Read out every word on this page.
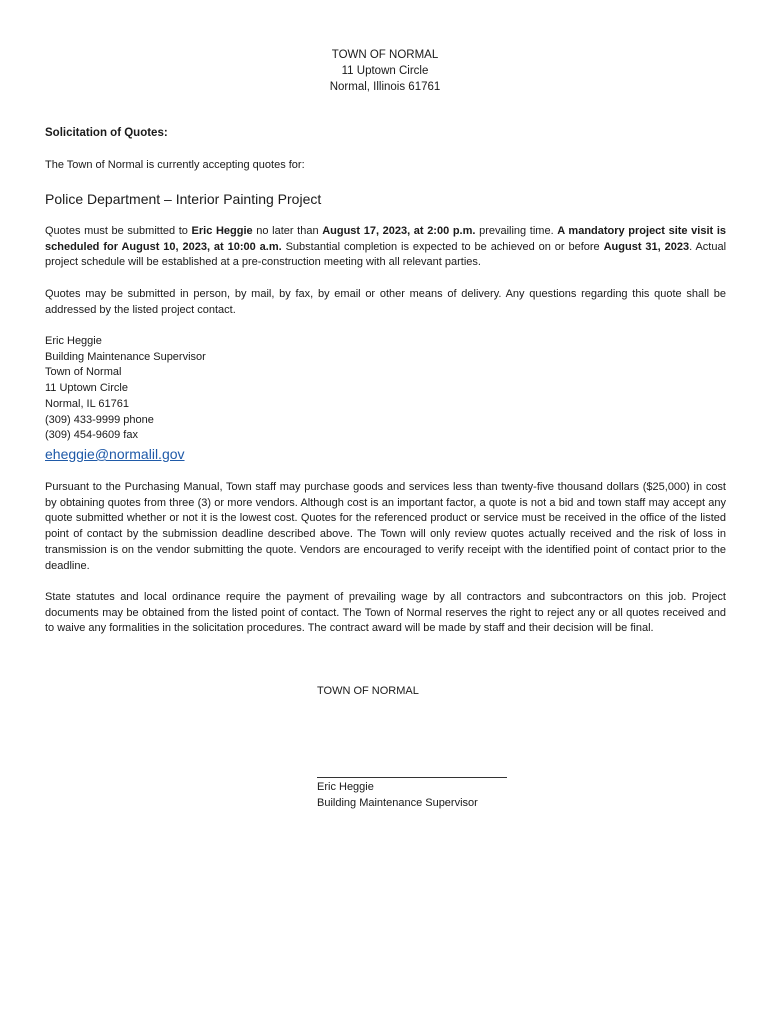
TOWN OF NORMAL
11 Uptown Circle
Normal, Illinois 61761
Solicitation of Quotes:
The Town of Normal is currently accepting quotes for:
Police Department – Interior Painting Project
Quotes must be submitted to Eric Heggie no later than August 17, 2023, at 2:00 p.m. prevailing time. A mandatory project site visit is scheduled for August 10, 2023, at 10:00 a.m. Substantial completion is expected to be achieved on or before August 31, 2023. Actual project schedule will be established at a pre-construction meeting with all relevant parties.
Quotes may be submitted in person, by mail, by fax, by email or other means of delivery. Any questions regarding this quote shall be addressed by the listed project contact.
Eric Heggie
Building Maintenance Supervisor
Town of Normal
11 Uptown Circle
Normal, IL 61761
(309) 433-9999 phone
(309) 454-9609 fax
eheggie@normalil.gov
Pursuant to the Purchasing Manual, Town staff may purchase goods and services less than twenty-five thousand dollars ($25,000) in cost by obtaining quotes from three (3) or more vendors. Although cost is an important factor, a quote is not a bid and town staff may accept any quote submitted whether or not it is the lowest cost. Quotes for the referenced product or service must be received in the office of the listed point of contact by the submission deadline described above. The Town will only review quotes actually received and the risk of loss in transmission is on the vendor submitting the quote. Vendors are encouraged to verify receipt with the identified point of contact prior to the deadline.
State statutes and local ordinance require the payment of prevailing wage by all contractors and subcontractors on this job. Project documents may be obtained from the listed point of contact. The Town of Normal reserves the right to reject any or all quotes received and to waive any formalities in the solicitation procedures. The contract award will be made by staff and their decision will be final.
TOWN OF NORMAL
Eric Heggie
Building Maintenance Supervisor
